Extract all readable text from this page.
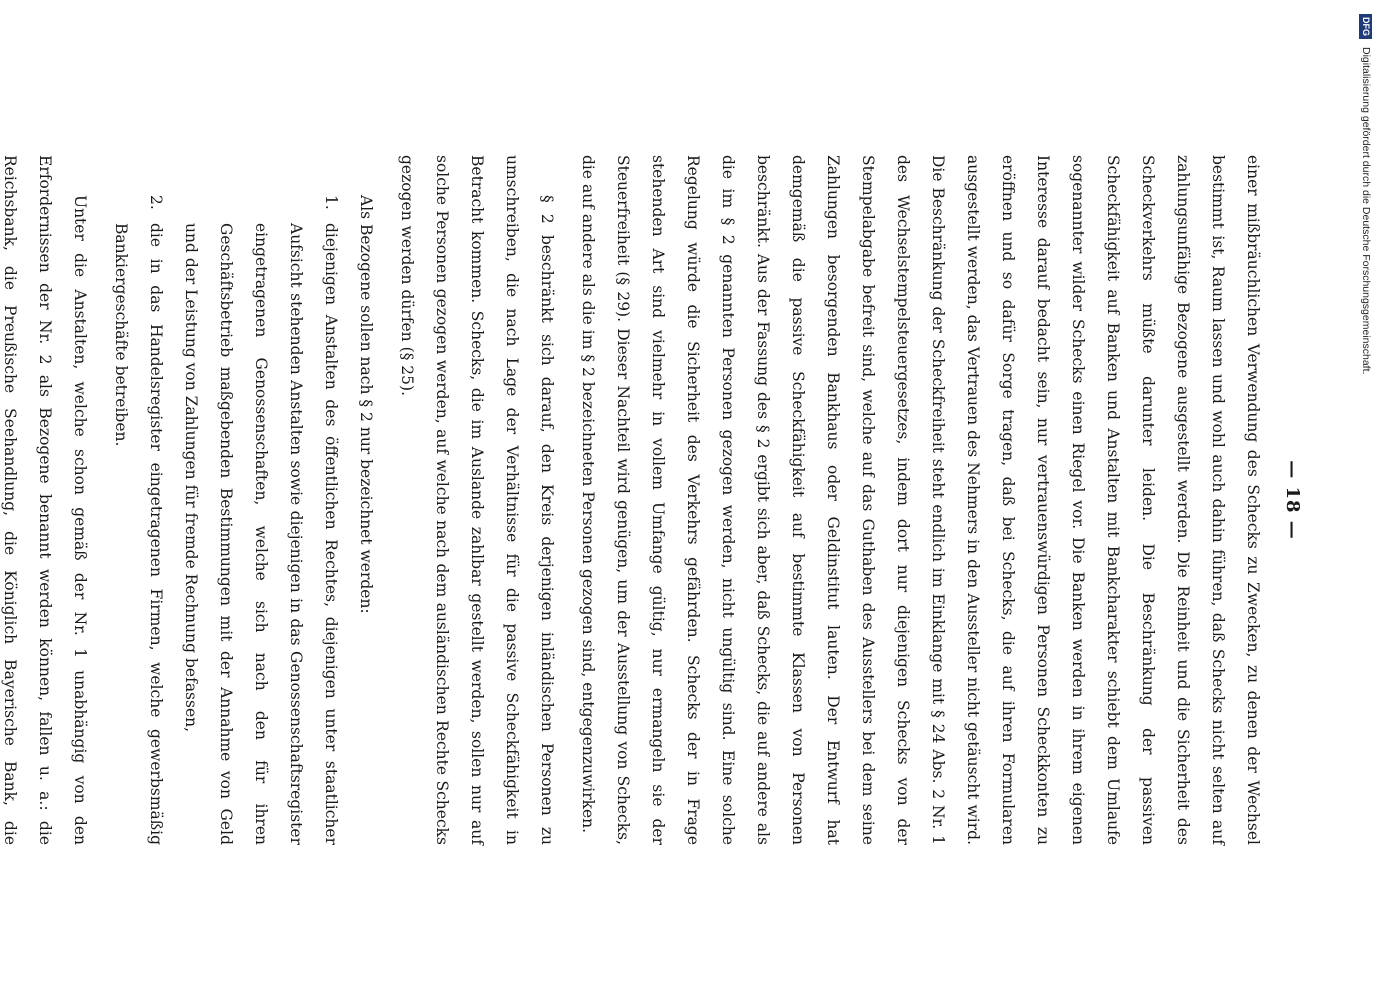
— 18 —

einer mißbräuchlichen Verwendung des Schecks zu Zwecken, zu denen der Wechsel bestimmt ist, Raum lassen und wohl auch dahin führen, daß Schecks nicht selten auf zahlungsunfähige Bezogene ausgestellt werden. Die Reinheit und die Sicherheit des Scheckverkehrs müßte darunter leiden. Die Beschränkung der passiven Scheckfähigkeit auf Banken und Anstalten mit Bankcharakter schiebt dem Umlaufe sogenannter wilder Schecks einen Riegel vor. Die Banken werden in ihrem eigenen Interesse darauf bedacht sein, nur vertrauenswürdigen Personen Scheckkonten zu eröffnen und so dafür Sorge tragen, daß bei Schecks, die auf ihren Formularen ausgestellt werden, das Vertrauen des Nehmers in den Aussteller nicht getäuscht wird. Die Beschränkung der Scheckfreiheit steht endlich im Einklange mit § 24 Abs. 2 Nr. 1 des Wechselstempelsteuergesetzes, indem dort nur diejenigen Schecks von der Stempelabgabe befreit sind, welche auf das Guthaben des Ausstellers bei dem seine Zahlungen besorgenden Bankhaus oder Geldinstitut lauten. Der Entwurf hat demgemäß die passive Scheckfähigkeit auf bestimmte Klassen von Personen beschränkt. Aus der Fassung des § 2 ergibt sich aber, daß Schecks, die auf andere als die im § 2 genannten Personen gezogen werden, nicht ungültig sind. Eine solche Regelung würde die Sicherheit des Verkehrs gefährden. Schecks der in Frage stehenden Art sind vielmehr in vollem Umfange gültig, nur ermangeln sie der Steuerfreiheit (§ 29). Dieser Nachteil wird genügen, um der Ausstellung von Schecks, die auf andere als die im § 2 bezeichneten Personen gezogen sind, entgegenzuwirken.

§ 2 beschränkt sich darauf, den Kreis derjenigen inländischen Personen zu umschreiben, die nach Lage der Verhältnisse für die passive Scheckfähigkeit in Betracht kommen. Schecks, die im Auslande zahlbar gestellt werden, sollen nur auf solche Personen gezogen werden, auf welche nach dem ausländischen Rechte Schecks gezogen werden dürfen (§ 25).

Als Bezogene sollen nach § 2 nur bezeichnet werden:

1.
diejenigen Anstalten des öffentlichen Rechtes, diejenigen unter staatlicher Aufsicht stehenden Anstalten sowie diejenigen in das Genossenschaftsregister eingetragenen Genossenschaften, welche sich nach den für ihren Geschäftsbetrieb maßgebenden Bestimmungen mit der Annahme von Geld und der Leistung von Zahlungen für fremde Rechnung befassen,
2.
die in das Handelsregister eingetragenen Firmen, welche gewerbsmäßig Bankiergeschäfte betreiben.

Unter die Anstalten, welche schon gemäß der Nr. 1 unabhängig von den Erfordernissen der Nr. 2 als Bezogene benannt werden können, fallen u. a.: die Reichsbank, die Preußische Seehandlung, die Königlich Bayerische Bank, die

DFG
Digitalisierung gefördert durch die Deutsche Forschungsgemeinschaft.
